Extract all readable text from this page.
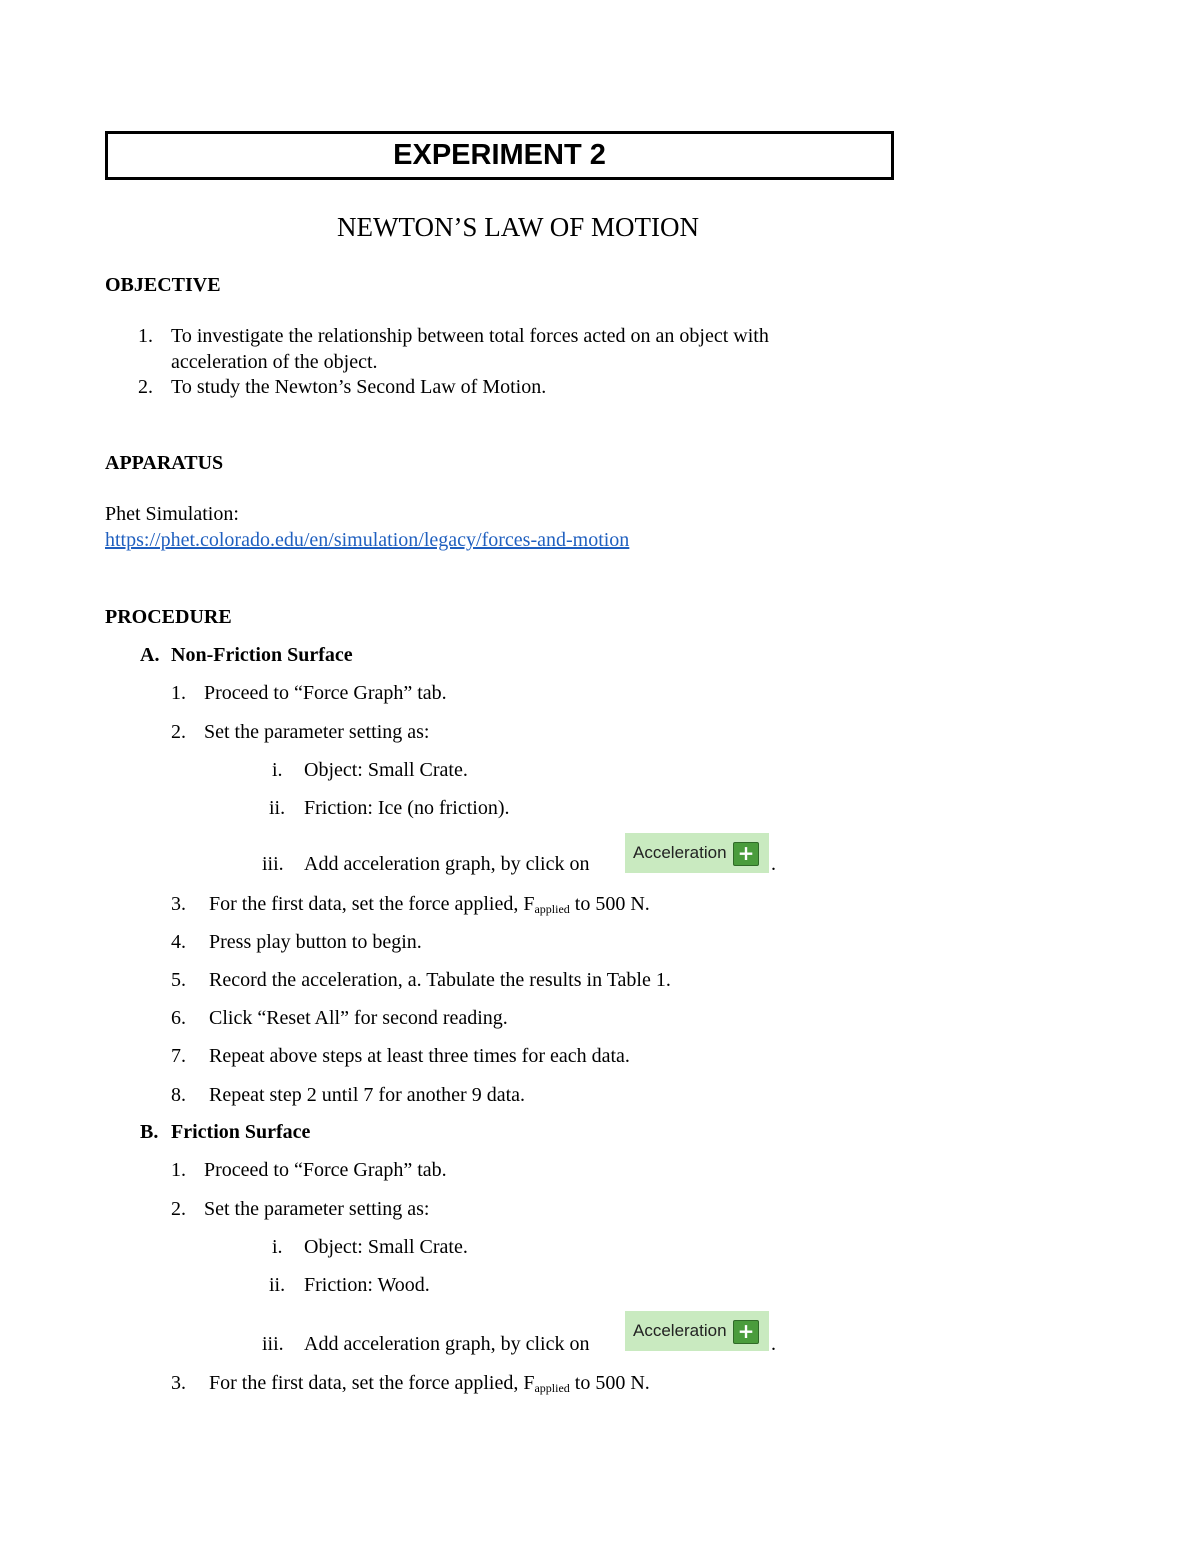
EXPERIMENT 2
NEWTON’S LAW OF MOTION
OBJECTIVE
1. To investigate the relationship between total forces acted on an object with
acceleration of the object.
2. To study the Newton’s Second Law of Motion.
APPARATUS
Phet Simulation:
https://phet.colorado.edu/en/simulation/legacy/forces-and-motion
PROCEDURE
A. Non-Friction Surface
1. Proceed to “Force Graph” tab.
2. Set the parameter setting as:
i. Object: Small Crate.
ii. Friction: Ice (no friction).
iii. Add acceleration graph, by click on
Acceleration + .
3. For the first data, set the force applied, $F_{applied}$ to 500 N.
4. Press play button to begin.
5. Record the acceleration, a. Tabulate the results in Table 1.
6. Click “Reset All” for second reading.
7. Repeat above steps at least three times for each data.
8. Repeat step 2 until 7 for another 9 data.
B. Friction Surface
1. Proceed to “Force Graph” tab.
2. Set the parameter setting as:
i. Object: Small Crate.
ii. Friction: Wood.
iii. Add acceleration graph, by click on
Acceleration +
.
3. For the first data, set the force applied, $F_{applied}$ to 500 N.
